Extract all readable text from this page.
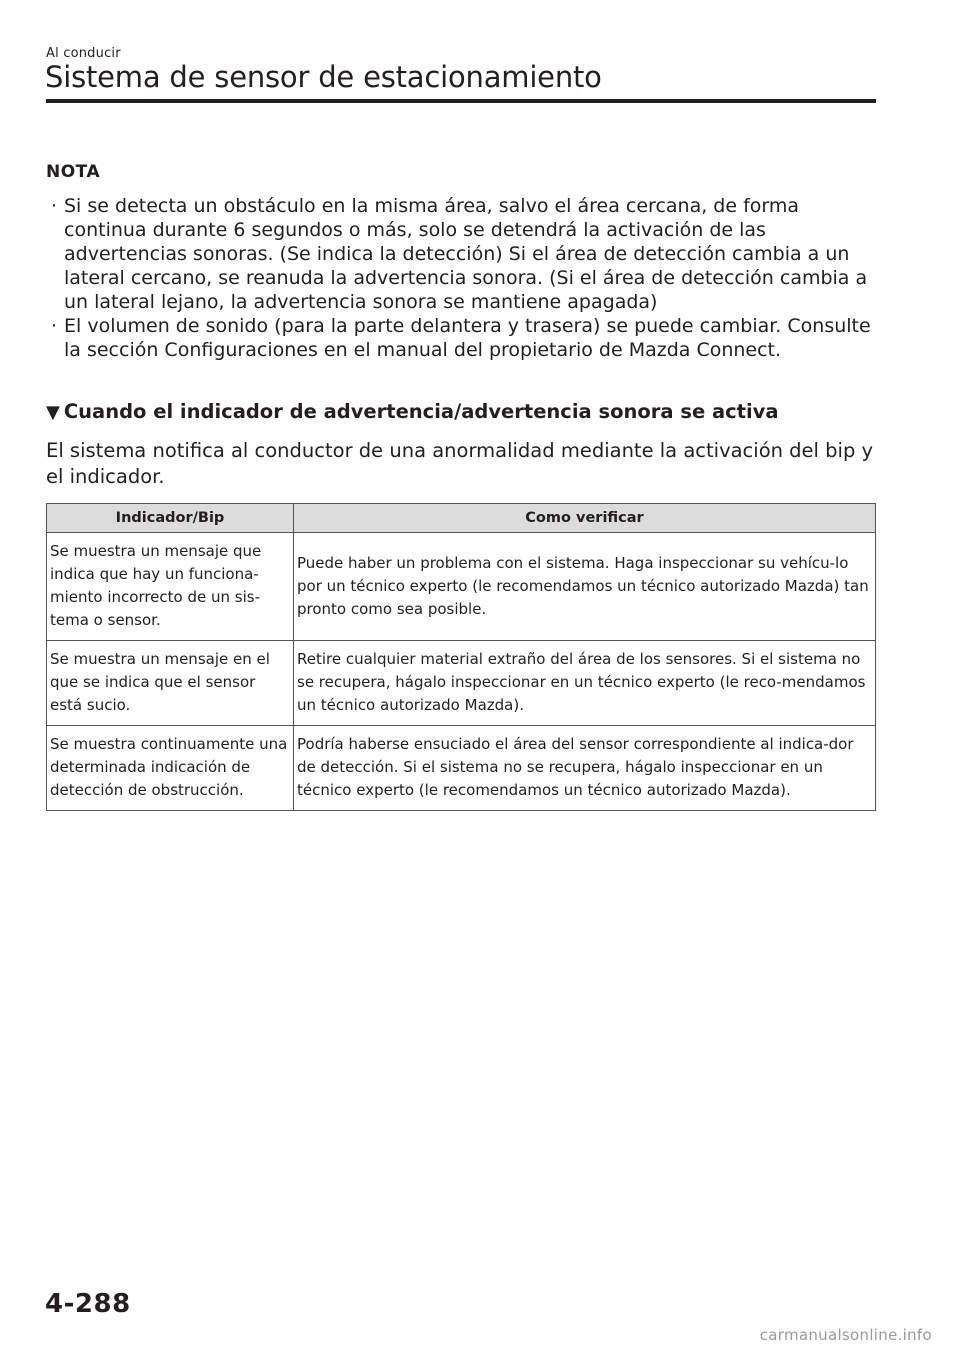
Al conducir
Sistema de sensor de estacionamiento
NOTA
· Si se detecta un obstáculo en la misma área, salvo el área cercana, de forma continua durante 6 segundos o más, solo se detendrá la activación de las advertencias sonoras. (Se indica la detección) Si el área de detección cambia a un lateral cercano, se reanuda la advertencia sonora. (Si el área de detección cambia a un lateral lejano, la advertencia sonora se mantiene apagada)
· El volumen de sonido (para la parte delantera y trasera) se puede cambiar. Consulte la sección Configuraciones en el manual del propietario de Mazda Connect.
▼ Cuando el indicador de advertencia/advertencia sonora se activa
El sistema notifica al conductor de una anormalidad mediante la activación del bip y el indicador.
Indicador/Bip	Como verificar
Se muestra un mensaje que indica que hay un funciona-miento incorrecto de un sis-tema o sensor.	Puede haber un problema con el sistema. Haga inspeccionar su vehícu-lo por un técnico experto (le recomendamos un técnico autorizado Mazda) tan pronto como sea posible.
Se muestra un mensaje en el que se indica que el sensor está sucio.	Retire cualquier material extraño del área de los sensores. Si el sistema no se recupera, hágalo inspeccionar en un técnico experto (le reco-mendamos un técnico autorizado Mazda).
Se muestra continuamente una determinada indicación de detección de obstrucción.	Podría haberse ensuciado el área del sensor correspondiente al indica-dor de detección. Si el sistema no se recupera, hágalo inspeccionar en un técnico experto (le recomendamos un técnico autorizado Mazda).
4-288
carmanualsonline.info
